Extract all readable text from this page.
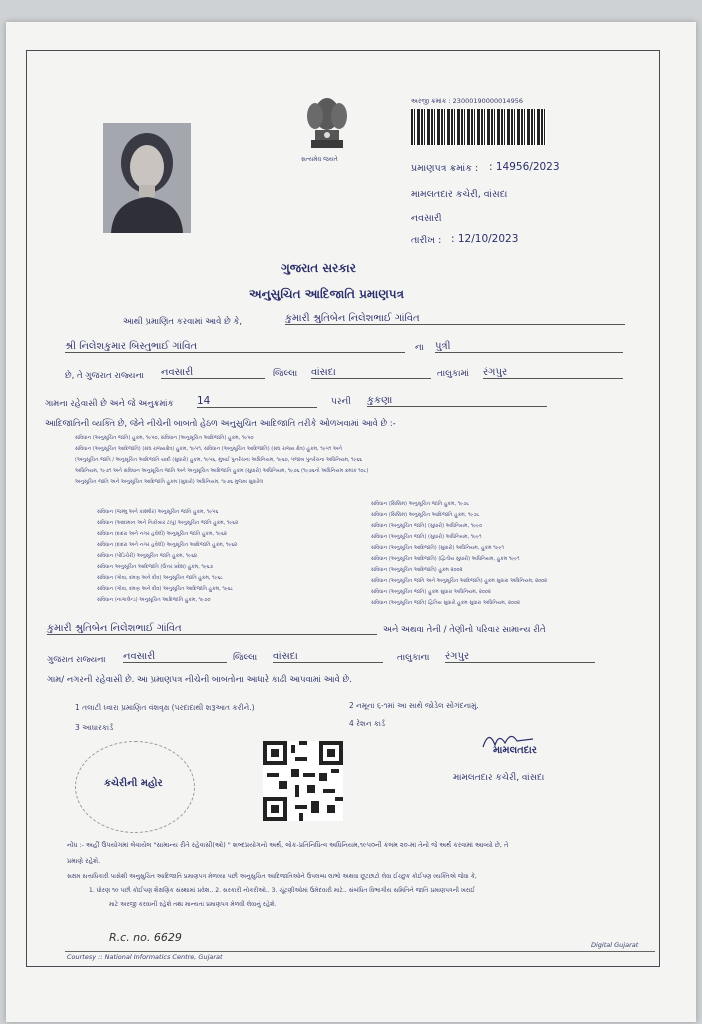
સત્યમેવ જયતે
અરજી ક્રમાંક : 23000190000014956
પ્રમાણપત્ર ક્રમાંક : : 14956/2023
મામલતદાર કચેરી, વાંસદા
નવસારી
તારીખ : : 12/10/2023
ગુજરાત સરકાર
અનુસુચિત આદિજાતિ પ્રમાણપત્ર
આથી પ્રમાણિત કરવામાં આવે છે કે,	કુમારી શ્રુતિબેન નિલેશભાઈ ગાંવિત
શ્રી નિલેશકુમાર બિસ્તુભાઈ ગાંવિત	ના પુત્રી
છે, તે ગુજરાત રાજ્યના નવસારી	જિલ્લા વાંસદા	તાલુકામાં રંગપુર
ગામના રહેવાસી છે અને જે અનુક્રમાંક 14	પરની કુકણા
આદિજાતિની વ્યક્તિ છે, જેને નીચેની બાબતો હેઠળ અનુસુચિત આદિજાતિ તરીકે ઓળખવામાં આવે છે :-
સંવિધાન (અનુસૂચિત જાતિ) હુકમ, ૧૯૫૦, સંવિધાન (અનુસૂચિત આદિજાતિ) હુકમ, ૧૯૫૦
સંવિધાન (અનુસૂચિત આદિજાતિ) (સંઘ રાજ્યક્ષેત્ર) હુકમ, ૧૯૫૧, સંવિધાન (અનુસૂચિત આદિજાતિ) (સંઘ રાજ્ય ક્ષેત્ર) હુકમ, ૧૯૫૧ અને
(અનુસૂચિત જાતિ / અનુસૂચિત આદિજાતિ યાદી (સુધારો) હુકમ, ૧૯૫૬, મુંબઈ પુનર્રચના અધિનિયમ, ૧૯૬૦, પંજાબ પુનર્રચના અધિનિયમ, ૧૯૬૬
અધિનિયમ, ૧૯૭૧ અને સંવિધાન અનુસૂચિત જાતિ અને અનુસૂચિત આદિજાતિ હુકમ (સુધારો) અધિનિયમ, ૧૯૭૬ (૧૯૭૬નો અધિનિયમ ક્રમાંક ૧૦૮)
અનુસૂચિત જાતિ અને અનુસૂચિત આદિજાતિ હુકમ (સુધારો) અધિનિયમ, ૧૯૭૬ મુજબ સુધારેલ
સંવિધાન (જમ્મુ અને કાશ્મીર) અનુસૂચિત જાતિ હુકમ, ૧૯૫૬
સંવિધાન (આંદામાન અને નિકોબાર ટાપુ) અનુસૂચિત જાતિ હુકમ, ૧૯૬૨
સંવિધાન (દાદરા અને નગર હવેલી) અનુસૂચિત જાતિ હુકમ, ૧૯૬૨
સંવિધાન (દાદરા અને નગર હવેલી) અનુસૂચિત આદિજાતિ હુકમ, ૧૯૬૨
સંવિધાન (પોંડિચેરી) અનુસૂચિત જાતિ હુકમ, ૧૯૬૪
સંવિધાન અનુસૂચિત આદિજાતિ (ઉત્તર પ્રદેશ) હુકમ, ૧૯૬૭
સંવિધાન (ગોવા, દમણ અને દીવ) અનુસૂચિત જાતિ હુકમ, ૧૯૬૮
સંવિધાન (ગોવા, દમણ અને દીવ) અનુસૂચિત આદિજાતિ હુકમ, ૧૯૬૮
સંવિધાન (નાગાલેન્ડ) અનુસૂચિત આદિજાતિ હુકમ, ૧૯૭૦
સંવિધાન (સિક્કિમ) અનુસૂચિત જાતિ હુકમ, ૧૯૭૮
સંવિધાન (સિક્કિમ) અનુસૂચિત આદિજાતિ હુકમ, ૧૯૭૮
સંવિધાન (અનુસૂચિત જાતિ) (સુધારો) અધિનિયમ, ૧૯૯૦
સંવિધાન (અનુસૂચિત જાતિ) (સુધારો) અધિનિયમ, ૧૯૯૧
સંવિધાન (અનુસૂચિત આદિજાતિ) (સુધારો) અધિનિયમ, હુકમ ૧૯૯૧
સંવિધાન (અનુસૂચિત આદિજાતિ) (દ્વિતીય સુધારો) અધિનિયમ, હુકમ ૧૯૯૧
સંવિધાન (અનુસૂચિત આદિજાતિ) હુકમ ૨૦૦૨
સંવિધાન (અનુસૂચિત જાતિ અને અનુસૂચિત આદિજાતિ) હુકમ સુધારા અધિનિયમ, ૨૦૦૨
સંવિધાન (અનુસૂચિત જાતિ) હુકમ સુધારા અધિનિયમ, ૨૦૦૨
સંવિધાન (અનુસૂચિત જાતિ) દ્વિતિય સુધારો હુકમ સુધારા અધિનિયમ, ૨૦૦૨
કુમારી શ્રુતિબેન નિલેશભાઈ ગાંવિત	અને અથવા તેની / તેણીનો પરિવાર સામાન્ય રીતે
ગુજરાત રાજ્યના નવસારી	જિલ્લા વાંસદા	તાલુકાના રંગપુર
ગામ/ નગરની રહેવાસી છે. આ પ્રમાણપત્ર નીચેની બાબતોના આધારે કાઢી આપવામાં આવે છે.
1 તલાટી ધ્વારા પ્રમાણિત વંશવૃક્ષ (પરદાદાથી શરૂઆત કરીને.)	2 નમૂના ૬-૧માં આ સાથે જોડેલ સોગંદનામું.
3 આધારકાર્ડ	4 રેશન કાર્ડ
કચેરીની મહોર
મામલતદાર
મામલતદાર કચેરી, વાંસદા
નોંધ :- અહીં ઉપયોગમાં લેવાયેલ "સામાન્ય રીતે રહેવાસી(ઓ) " શબ્દપ્રયોગનો અર્થ, લોક-પ્રતિનિધિત્વ અધિનિયમ,૧૯૫૦ની કલમ ૨૦-માં તેનો જે અર્થ કરવામાં આવ્યો છે, તે
પ્રમાણે રહેશે.
સક્ષમ સત્તાધિકારી પાસેથી અનુસુચિત આદિજાતિ પ્રમાણપત્ર મેળવ્યા પછી અનુસુચિત આદિજાતિઓને ઉપલબ્ધ લાભો અથવા છૂટછાટો લેવા ઈચ્છુક કોઈપણ વ્યક્તિએ જેવા કે,
1. ધોરણ ૧૦ પછી કોઈપણ શૈક્ષણિક સંસ્થામાં પ્રવેશ.. 2. સરકારી નોકરીઓ.. 3. ચૂંટણીઓમાં ઉમેદવારી માટે.. સંબંધિત વિભાગીય સમિતિને જાતિ પ્રમાણપત્રની ખરાઈ
માટે અરજી કરવાની રહેશે તથા માન્યતા પ્રમાણપત્ર મેળવી લેવાનું રહેશે.
R.c. no. 6629
Courtesy :: National Informatics Centre, Gujarat
Digital Gujarat
